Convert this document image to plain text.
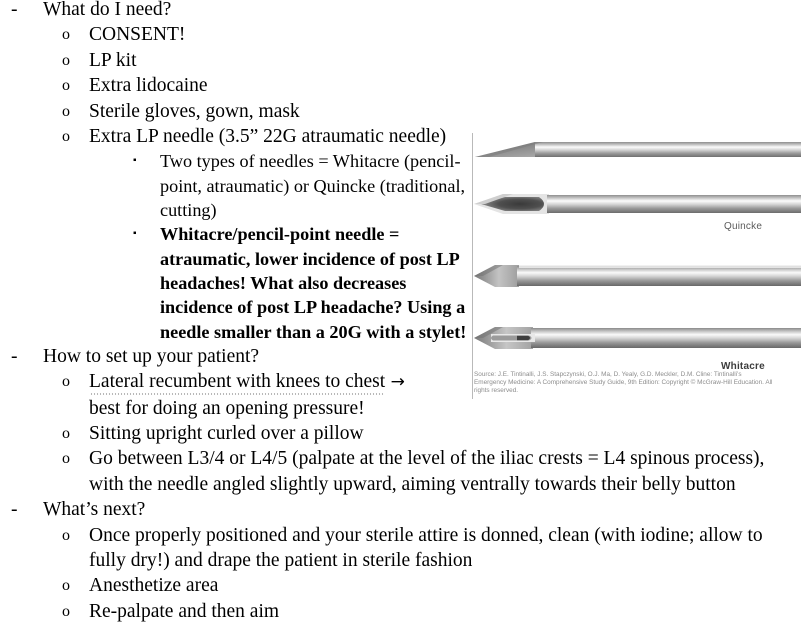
-	What do I need?
o CONSENT!
o LP kit
o Extra lidocaine
o Sterile gloves, gown, mask
o Extra LP needle (3.5” 22G atraumatic needle)
▪	Two types of needles = Whitacre (pencil-point, atraumatic) or Quincke (traditional, cutting)
▪	Whitacre/pencil-point needle = atraumatic, lower incidence of post LP headaches! What also decreases incidence of post LP headache? Using a needle smaller than a 20G with a stylet!
-	How to set up your patient?
o Lateral recumbent with knees to chest → best for doing an opening pressure!
o Sitting upright curled over a pillow
o Go between L3/4 or L4/5 (palpate at the level of the iliac crests = L4 spinous process), with the needle angled slightly upward, aiming ventrally towards their belly button
-	What’s next?
o Once properly positioned and your sterile attire is donned, clean (with iodine; allow to fully dry!) and drape the patient in sterile fashion
o Anesthetize area
o Re-palpate and then aim
Quincke
Whitacre
Source: J.E. Tintinalli, J.S. Stapczynski, O.J. Ma, D. Yealy, G.D. Meckler, D.M. Cline: Tintinalli’s Emergency Medicine: A Comprehensive Study Guide, 9th Edition: Copyright © McGraw-Hill Education. All rights reserved.
